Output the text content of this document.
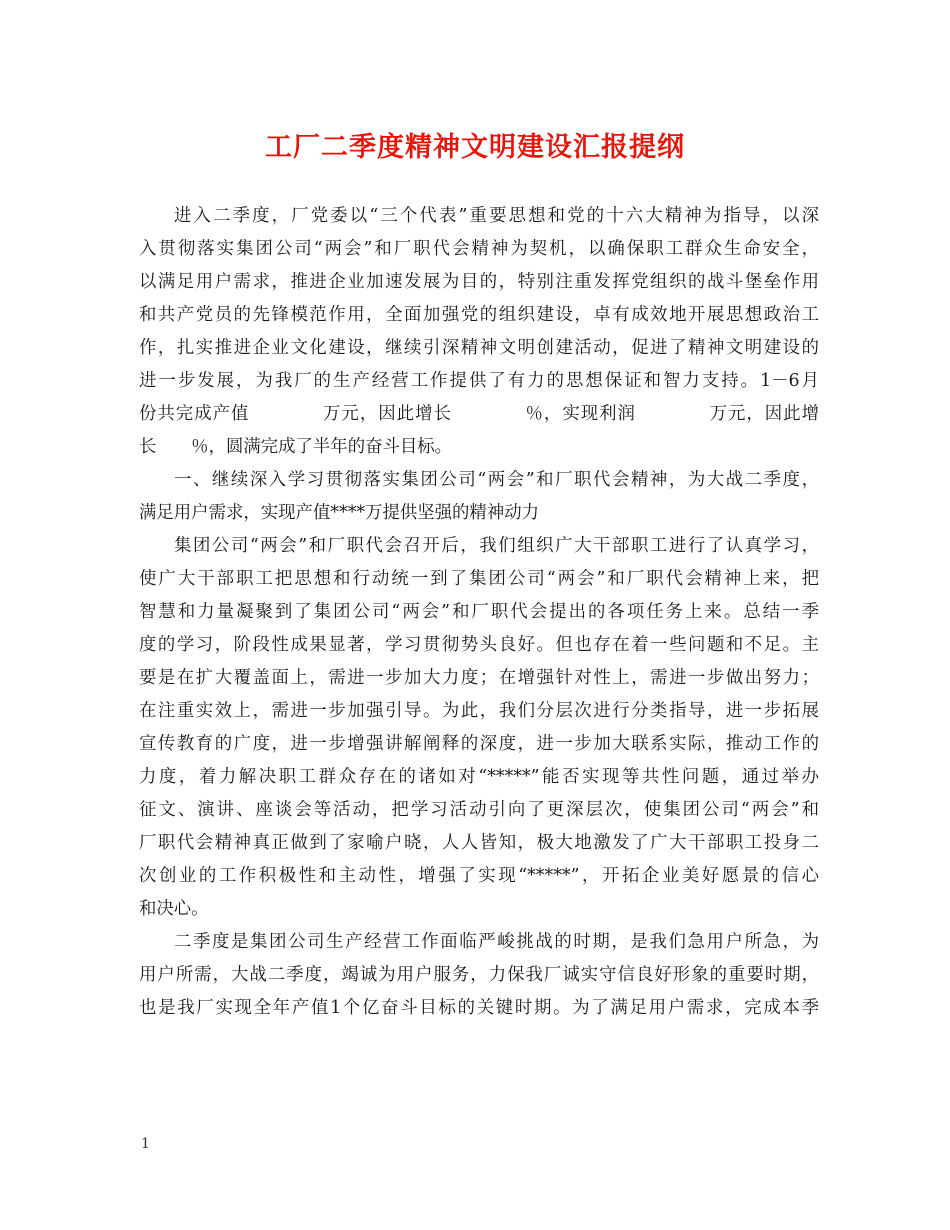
工厂二季度精神文明建设汇报提纲
进入二季度，厂党委以“三个代表”重要思想和党的十六大精神为指导，以深
入贯彻落实集团公司“两会”和厂职代会精神为契机，以确保职工群众生命安全，
以满足用户需求，推进企业加速发展为目的，特别注重发挥党组织的战斗堡垒作用
和共产党员的先锋模范作用，全面加强党的组织建设，卓有成效地开展思想政治工
作，扎实推进企业文化建设，继续引深精神文明创建活动，促进了精神文明建设的
进一步发展，为我厂的生产经营工作提供了有力的思想保证和智力支持。1－6月
份共完成产值　　　　万元，因此增长　　　　％，实现利润　　　　万元，因此增
长　　％，圆满完成了半年的奋斗目标。
一、继续深入学习贯彻落实集团公司“两会”和厂职代会精神，为大战二季度，
满足用户需求，实现产值****万提供坚强的精神动力
集团公司“两会”和厂职代会召开后，我们组织广大干部职工进行了认真学习，
使广大干部职工把思想和行动统一到了集团公司“两会”和厂职代会精神上来，把
智慧和力量凝聚到了集团公司“两会”和厂职代会提出的各项任务上来。总结一季
度的学习，阶段性成果显著，学习贯彻势头良好。但也存在着一些问题和不足。主
要是在扩大覆盖面上，需进一步加大力度；在增强针对性上，需进一步做出努力；
在注重实效上，需进一步加强引导。为此，我们分层次进行分类指导，进一步拓展
宣传教育的广度，进一步增强讲解阐释的深度，进一步加大联系实际，推动工作的
力度，着力解决职工群众存在的诸如对“*****”能否实现等共性问题，通过举办
征文、演讲、座谈会等活动，把学习活动引向了更深层次，使集团公司“两会”和
厂职代会精神真正做到了家喻户晓，人人皆知，极大地激发了广大干部职工投身二
次创业的工作积极性和主动性，增强了实现“*****”，开拓企业美好愿景的信心
和决心。
二季度是集团公司生产经营工作面临严峻挑战的时期，是我们急用户所急，为
用户所需，大战二季度，竭诚为用户服务，力保我厂诚实守信良好形象的重要时期，
也是我厂实现全年产值1个亿奋斗目标的关键时期。为了满足用户需求，完成本季
1
